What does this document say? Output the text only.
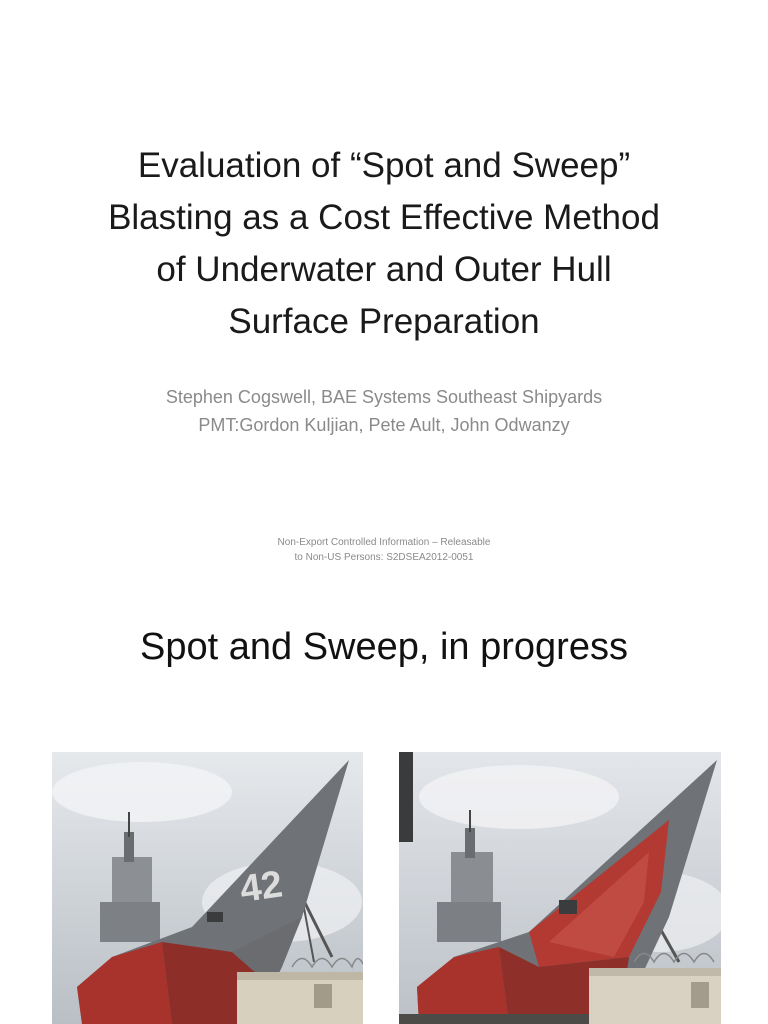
Evaluation of “Spot and Sweep”
Blasting as a Cost Effective Method
of Underwater and Outer Hull
Surface Preparation
Stephen Cogswell, BAE Systems Southeast Shipyards
PMT:Gordon Kuljian, Pete Ault, John Odwanzy
Non-Export Controlled Information – Releasable
to Non-US Persons: S2DSEA2012-0051
Spot and Sweep, in progress
42
